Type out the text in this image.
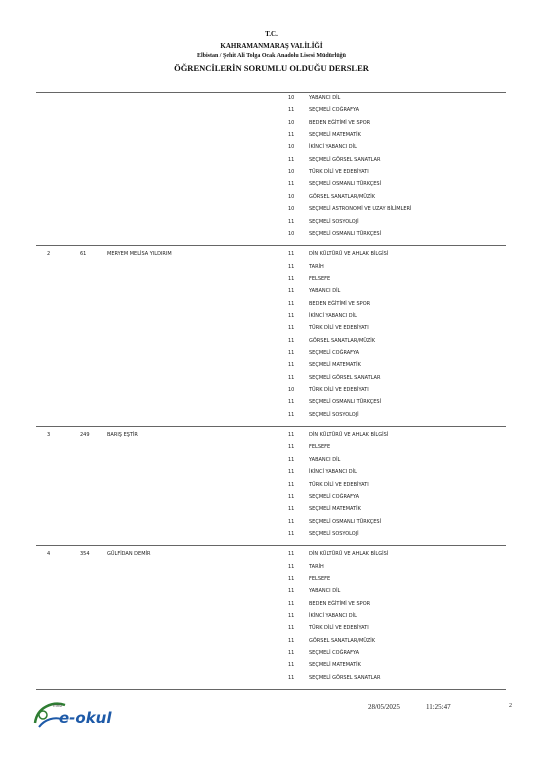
T.C.
KAHRAMANMARAŞ VALİLİĞİ
Elbistan / Şehit Ali Tolga Ocak Anadolu Lisesi Müdürlüğü
ÖĞRENCİLERİN SORUMLU OLDUĞU DERSLER
10	YABANCI DİL
11	SEÇMELİ COĞRAFYA
10	BEDEN EĞİTİMİ VE SPOR
11	SEÇMELİ MATEMATİK
10	İKİNCİ YABANCI DİL
11	SEÇMELİ GÖRSEL SANATLAR
10	TÜRK DİLİ VE EDEBİYATI
11	SEÇMELİ OSMANLI TÜRKÇESİ
10	GÖRSEL SANATLAR/MÜZİK
10	SEÇMELİ ASTRONOMİ VE UZAY BİLİMLERİ
11	SEÇMELİ SOSYOLOJİ
10	SEÇMELİ OSMANLI TÜRKÇESİ
2	61	MERYEM MELİSA YILDIRIM	11	DİN KÜLTÜRÜ VE AHLAK BİLGİSİ
11	TARİH
11	FELSEFE
11	YABANCI DİL
11	BEDEN EĞİTİMİ VE SPOR
11	İKİNCİ YABANCI DİL
11	TÜRK DİLİ VE EDEBİYATI
11	GÖRSEL SANATLAR/MÜZİK
11	SEÇMELİ COĞRAFYA
11	SEÇMELİ MATEMATİK
11	SEÇMELİ GÖRSEL SANATLAR
10	TÜRK DİLİ VE EDEBİYATI
11	SEÇMELİ OSMANLI TÜRKÇESİ
11	SEÇMELİ SOSYOLOJİ
3	249	BARIŞ EŞTİR	11	DİN KÜLTÜRÜ VE AHLAK BİLGİSİ
11	FELSEFE
11	YABANCI DİL
11	İKİNCİ YABANCI DİL
11	TÜRK DİLİ VE EDEBİYATI
11	SEÇMELİ COĞRAFYA
11	SEÇMELİ MATEMATİK
11	SEÇMELİ OSMANLI TÜRKÇESİ
11	SEÇMELİ SOSYOLOJİ
4	354	GÜLFİDAN DEMİR	11	DİN KÜLTÜRÜ VE AHLAK BİLGİSİ
11	TARİH
11	FELSEFE
11	YABANCI DİL
11	BEDEN EĞİTİMİ VE SPOR
11	İKİNCİ YABANCI DİL
11	TÜRK DİLİ VE EDEBİYATI
11	GÖRSEL SANATLAR/MÜZİK
11	SEÇMELİ COĞRAFYA
11	SEÇMELİ MATEMATİK
11	SEÇMELİ GÖRSEL SANATLAR
meb
e-okul
28/05/2025	11:25:47	2
